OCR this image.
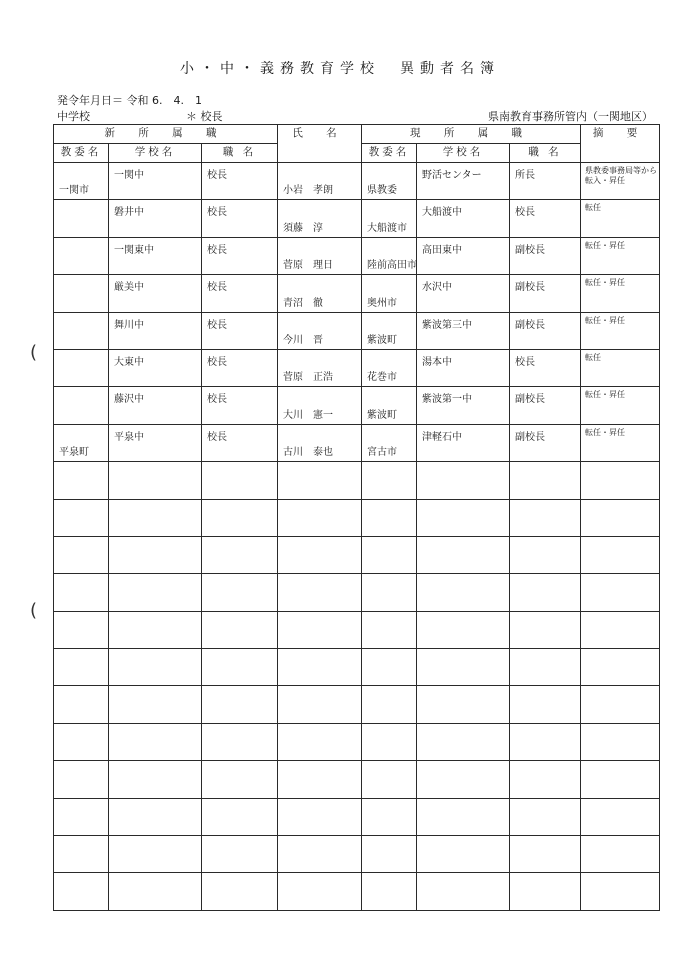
小・中・義務教育学校　異動者名簿
発令年月日＝ 令和 6.　4.　1
中学校	＊ 校長	県南教育事務所管内（一関地区）
(
(
新 所 属 職			氏 名	現 所 属 職			摘 要
教委名	学校名	職 名		教委名	学校名	職 名	

一関市	一関中	校長	小岩　孝朗	県教委	野活センター	所長	県教委事務局等から転入・昇任

	磐井中	校長	須藤　淳	大船渡市	大船渡中	校長	転任

	一関東中	校長	菅原　理日	陸前高田市	高田東中	副校長	転任・昇任

	厳美中	校長	青沼　徹	奥州市	水沢中	副校長	転任・昇任

	舞川中	校長	今川　晋	紫波町	紫波第三中	副校長	転任・昇任

	大東中	校長	菅原　正浩	花巻市	湯本中	校長	転任

	藤沢中	校長	大川　憲一	紫波町	紫波第一中	副校長	転任・昇任

平泉町	平泉中	校長	古川　泰也	宮古市	津軽石中	副校長	転任・昇任
